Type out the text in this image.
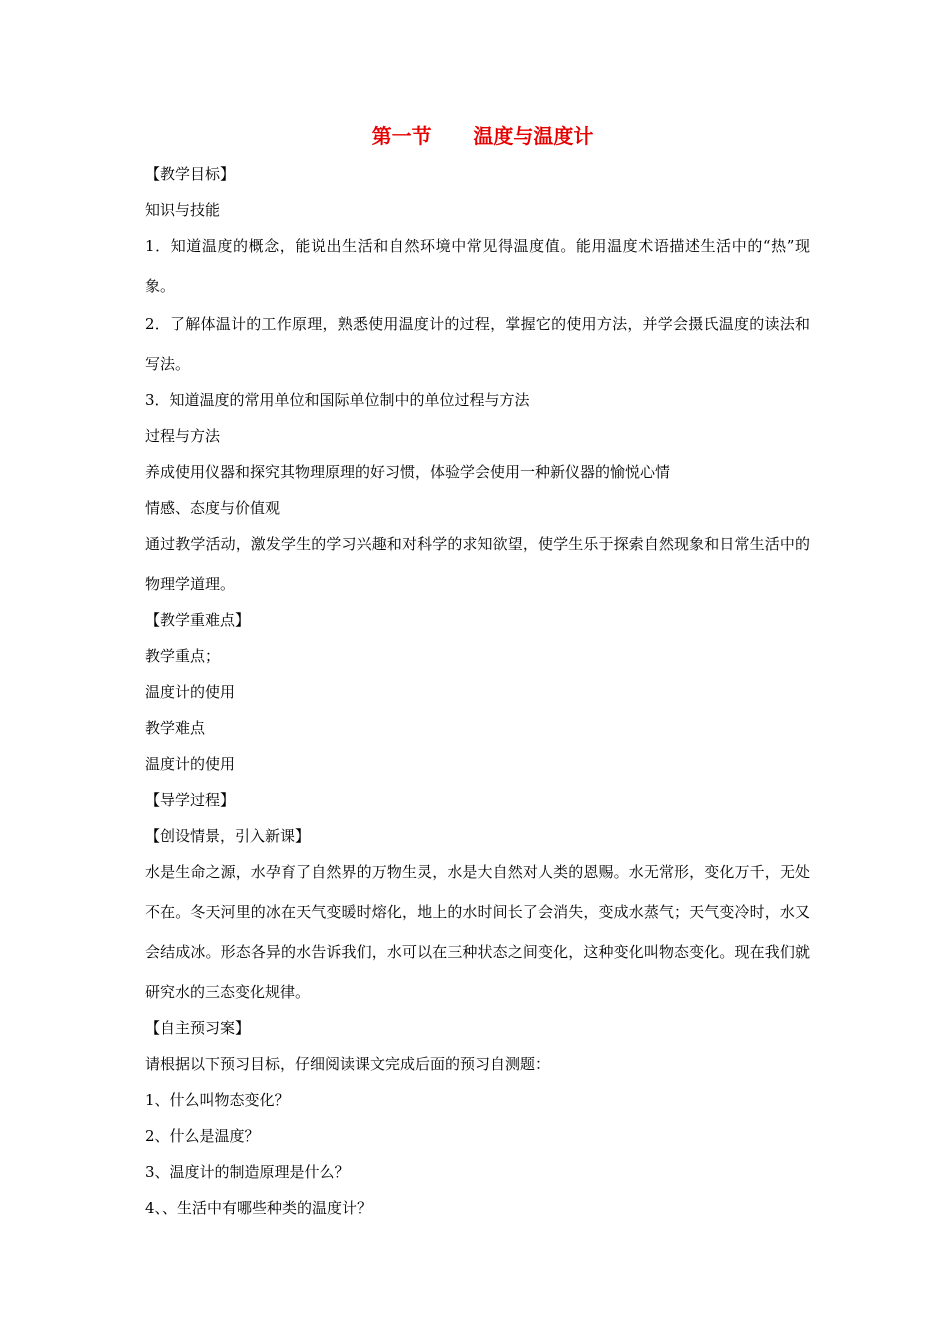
第一节      温度与温度计
【教学目标】
知识与技能
1．知道温度的概念，能说出生活和自然环境中常见得温度值。能用温度术语描述生活中的“热”现象。
2．了解体温计的工作原理，熟悉使用温度计的过程，掌握它的使用方法，并学会摄氏温度的读法和写法。
3．知道温度的常用单位和国际单位制中的单位过程与方法
过程与方法
养成使用仪器和探究其物理原理的好习惯，体验学会使用一种新仪器的愉悦心情
情感、态度与价值观
通过教学活动，激发学生的学习兴趣和对科学的求知欲望，使学生乐于探索自然现象和日常生活中的物理学道理。
【教学重难点】
教学重点；
温度计的使用
教学难点
温度计的使用
【导学过程】
【创设情景，引入新课】
水是生命之源，水孕育了自然界的万物生灵，水是大自然对人类的恩赐。水无常形，变化万千，无处不在。冬天河里的冰在天气变暖时熔化，地上的水时间长了会消失，变成水蒸气；天气变冷时，水又会结成冰。形态各异的水告诉我们，水可以在三种状态之间变化，这种变化叫物态变化。现在我们就研究水的三态变化规律。
【自主预习案】
请根据以下预习目标，仔细阅读课文完成后面的预习自测题：
1、什么叫物态变化？
2、什么是温度？
3、温度计的制造原理是什么？
4、、生活中有哪些种类的温度计？
